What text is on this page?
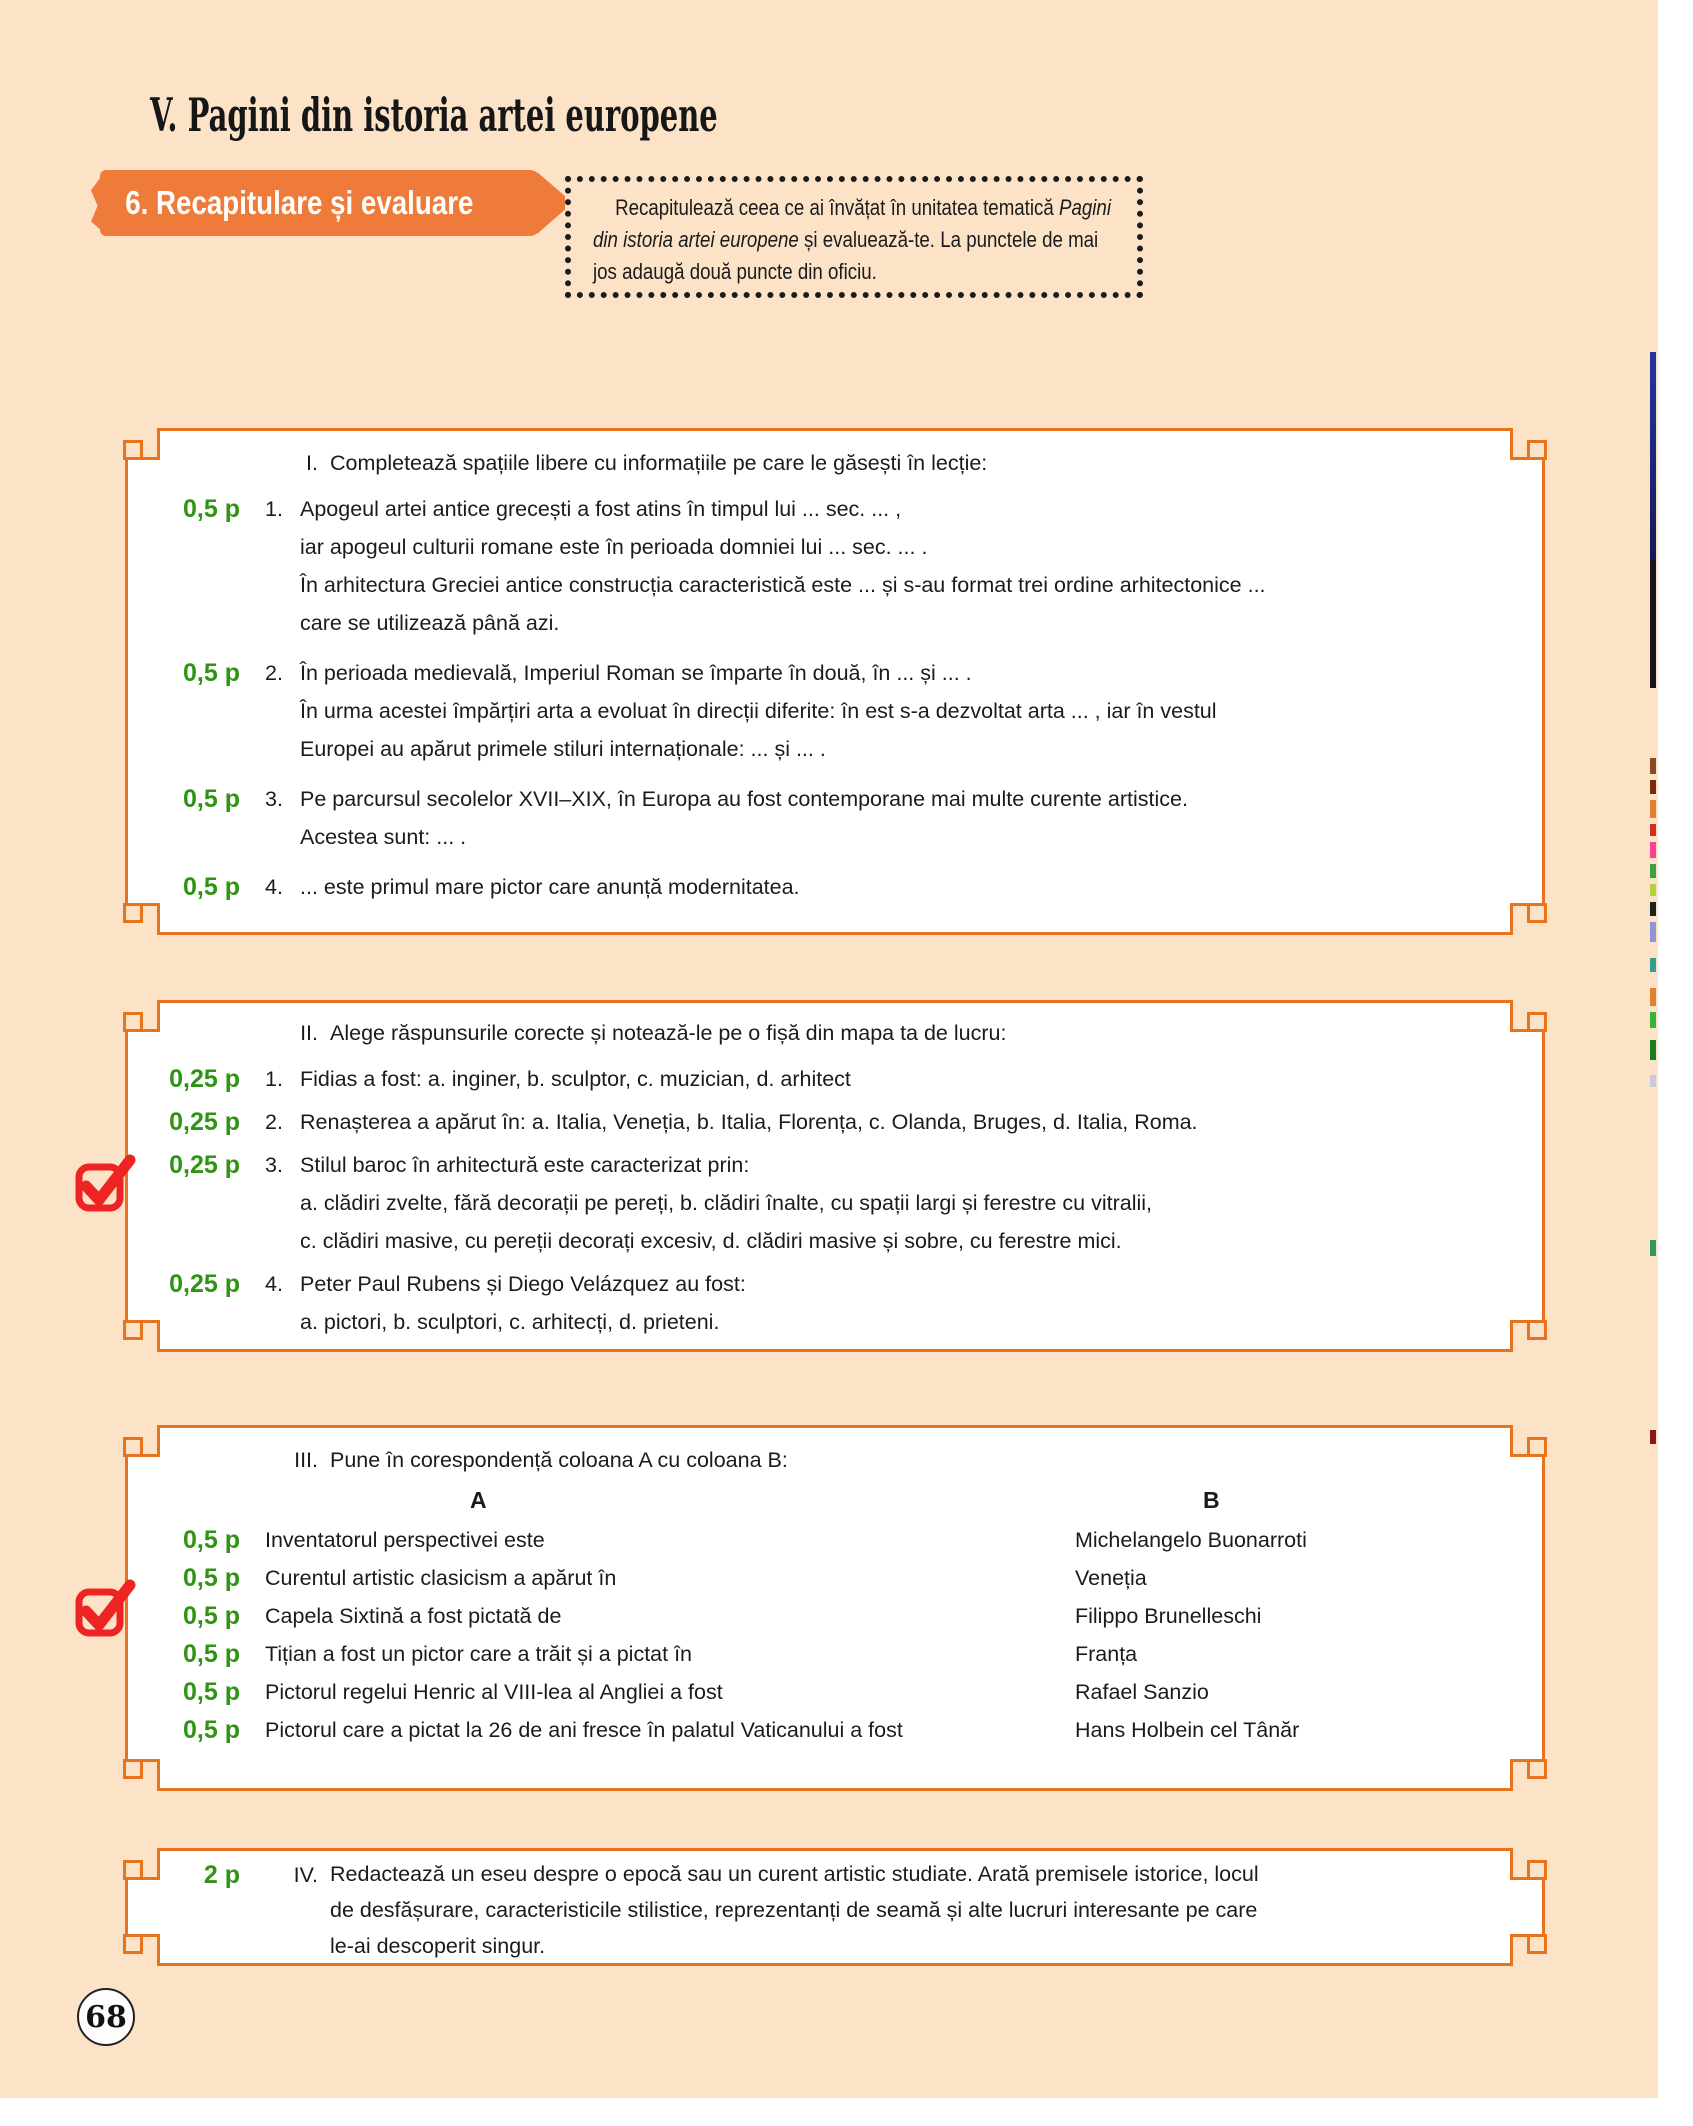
V. Pagini din istoria artei europene
6. Recapitulare și evaluare	Recapitulează ceea ce ai învățat în unitatea tematică Pagini
din istoria artei europene și evaluează-te. La punctele de mai
jos adaugă două puncte din oficiu.
I. Completează spațiile libere cu informațiile pe care le găsești în lecție:
0,5 p	1. Apogeul artei antice grecești a fost atins în timpul lui ... sec. ... ,
iar apogeul culturii romane este în perioada domniei lui ... sec. ... .
În arhitectura Greciei antice construcția caracteristică este ... și s-au format trei ordine arhitectonice ...
care se utilizează până azi.
0,5 p	2. În perioada medievală, Imperiul Roman se împarte în două, în ... și ... .
În urma acestei împărțiri arta a evoluat în direcții diferite: în est s-a dezvoltat arta ... , iar în vestul
Europei au apărut primele stiluri internaționale: ... și ... .
0,5 p	3. Pe parcursul secolelor XVII–XIX, în Europa au fost contemporane mai multe curente artistice.
Acestea sunt: ... .
0,5 p	4. ... este primul mare pictor care anunță modernitatea.
II. Alege răspunsurile corecte și notează-le pe o fișă din mapa ta de lucru:
0,25 p	1. Fidias a fost: a. inginer, b. sculptor, c. muzician, d. arhitect
0,25 p	2. Renașterea a apărut în: a. Italia, Veneția, b. Italia, Florența, c. Olanda, Bruges, d. Italia, Roma.
0,25 p	3. Stilul baroc în arhitectură este caracterizat prin:
a. clădiri zvelte, fără decorații pe pereți, b. clădiri înalte, cu spații largi și ferestre cu vitralii,
c. clădiri masive, cu pereții decorați excesiv, d. clădiri masive și sobre, cu ferestre mici.
0,25 p	4. Peter Paul Rubens și Diego Velázquez au fost:
a. pictori, b. sculptori, c. arhitecți, d. prieteni.
III. Pune în corespondență coloana A cu coloana B:
A	B
0,5 p	Inventatorul perspectivei este	Michelangelo Buonarroti
0,5 p	Curentul artistic clasicism a apărut în	Veneția
0,5 p	Capela Sixtină a fost pictată de	Filippo Brunelleschi
0,5 p	Tițian a fost un pictor care a trăit și a pictat în	Franța
0,5 p	Pictorul regelui Henric al VIII-lea al Angliei a fost	Rafael Sanzio
0,5 p	Pictorul care a pictat la 26 de ani fresce în palatul Vaticanului a fost	Hans Holbein cel Tânăr
2 p	IV. Redactează un eseu despre o epocă sau un curent artistic studiate. Arată premisele istorice, locul
de desfășurare, caracteristicile stilistice, reprezentanți de seamă și alte lucruri interesante pe care
le-ai descoperit singur.
68
